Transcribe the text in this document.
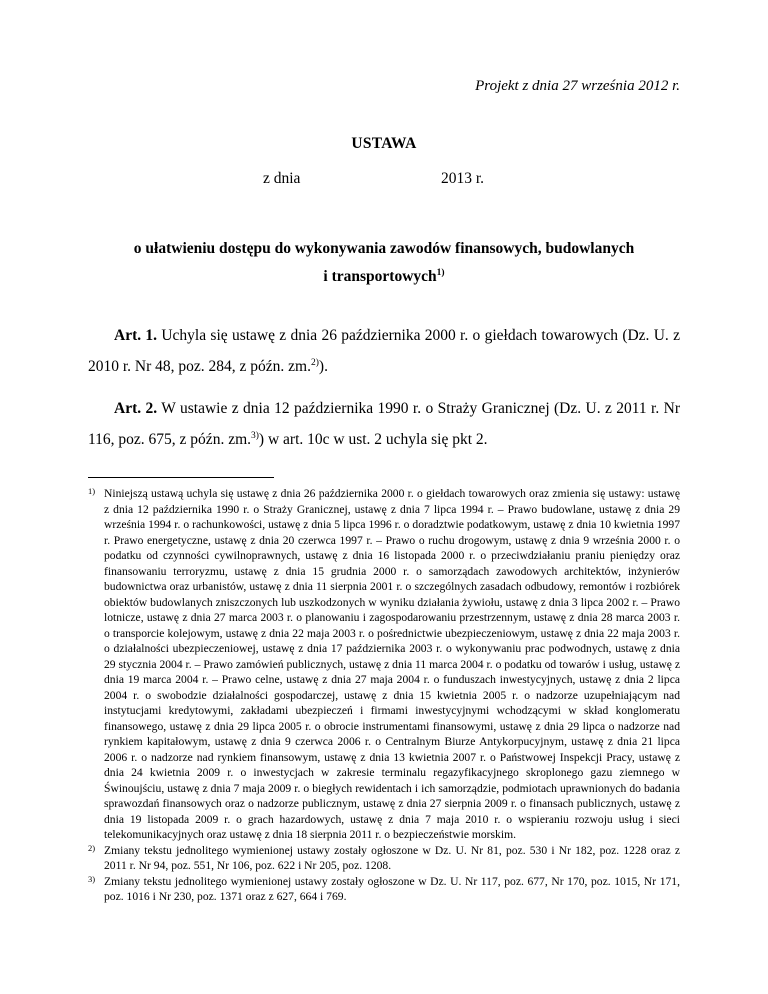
Projekt z dnia 27 września 2012 r.
USTAWA
z dnia	2013 r.
o ułatwieniu dostępu do wykonywania zawodów finansowych, budowlanych
i transportowych$^{1)}$
Art. 1. Uchyla się ustawę z dnia 26 października 2000 r. o giełdach towarowych (Dz. U. z 2010 r. Nr 48, poz. 284, z późn. zm.$^{2)}$).
Art. 2. W ustawie z dnia 12 października 1990 r. o Straży Granicznej (Dz. U. z 2011 r. Nr 116, poz. 675, z późn. zm.$^{3)}$) w art. 10c w ust. 2 uchyla się pkt 2.
1) Niniejszą ustawą uchyla się ustawę z dnia 26 października 2000 r. o giełdach towarowych oraz zmienia się ustawy: ustawę z dnia 12 października 1990 r. o Straży Granicznej, ustawę z dnia 7 lipca 1994 r. – Prawo budowlane, ustawę z dnia 29 września 1994 r. o rachunkowości, ustawę z dnia 5 lipca 1996 r. o doradztwie podatkowym, ustawę z dnia 10 kwietnia 1997 r. Prawo energetyczne, ustawę z dnia 20 czerwca 1997 r. – Prawo o ruchu drogowym, ustawę z dnia 9 września 2000 r. o podatku od czynności cywilnoprawnych, ustawę z dnia 16 listopada 2000 r. o przeciwdziałaniu praniu pieniędzy oraz finansowaniu terroryzmu, ustawę z dnia 15 grudnia 2000 r. o samorządach zawodowych architektów, inżynierów budownictwa oraz urbanistów, ustawę z dnia 11 sierpnia 2001 r. o szczególnych zasadach odbudowy, remontów i rozbiórek obiektów budowlanych zniszczonych lub uszkodzonych w wyniku działania żywiołu, ustawę z dnia 3 lipca 2002 r. – Prawo lotnicze, ustawę z dnia 27 marca 2003 r. o planowaniu i zagospodarowaniu przestrzennym, ustawę z dnia 28 marca 2003 r. o transporcie kolejowym, ustawę z dnia 22 maja 2003 r. o pośrednictwie ubezpieczeniowym, ustawę z dnia 22 maja 2003 r. o działalności ubezpieczeniowej, ustawę z dnia 17 października 2003 r. o wykonywaniu prac podwodnych, ustawę z dnia 29 stycznia 2004 r. – Prawo zamówień publicznych, ustawę z dnia 11 marca 2004 r. o podatku od towarów i usług, ustawę z dnia 19 marca 2004 r. – Prawo celne, ustawę z dnia 27 maja 2004 r. o funduszach inwestycyjnych, ustawę z dnia 2 lipca 2004 r. o swobodzie działalności gospodarczej, ustawę z dnia 15 kwietnia 2005 r. o nadzorze uzupełniającym nad instytucjami kredytowymi, zakładami ubezpieczeń i firmami inwestycyjnymi wchodzącymi w skład konglomeratu finansowego, ustawę z dnia 29 lipca 2005 r. o obrocie instrumentami finansowymi, ustawę z dnia 29 lipca o nadzorze nad rynkiem kapitałowym, ustawę z dnia 9 czerwca 2006 r. o Centralnym Biurze Antykorpucyjnym, ustawę z dnia 21 lipca 2006 r. o nadzorze nad rynkiem finansowym, ustawę z dnia 13 kwietnia 2007 r. o Państwowej Inspekcji Pracy, ustawę z dnia 24 kwietnia 2009 r. o inwestycjach w zakresie terminalu regazyfikacyjnego skroplonego gazu ziemnego w Świnoujściu, ustawę z dnia 7 maja 2009 r. o biegłych rewidentach i ich samorządzie, podmiotach uprawnionych do badania sprawozdań finansowych oraz o nadzorze publicznym, ustawę z dnia 27 sierpnia 2009 r. o finansach publicznych, ustawę z dnia 19 listopada 2009 r. o grach hazardowych, ustawę z dnia 7 maja 2010 r. o wspieraniu rozwoju usług i sieci telekomunikacyjnych oraz ustawę z dnia 18 sierpnia 2011 r. o bezpieczeństwie morskim.
2) Zmiany tekstu jednolitego wymienionej ustawy zostały ogłoszone w Dz. U. Nr 81, poz. 530 i Nr 182, poz. 1228 oraz z 2011 r. Nr 94, poz. 551, Nr 106, poz. 622 i Nr 205, poz. 1208.
3) Zmiany tekstu jednolitego wymienionej ustawy zostały ogłoszone w Dz. U. Nr 117, poz. 677, Nr 170, poz. 1015, Nr 171, poz. 1016 i Nr 230, poz. 1371 oraz z 627, 664 i 769.
